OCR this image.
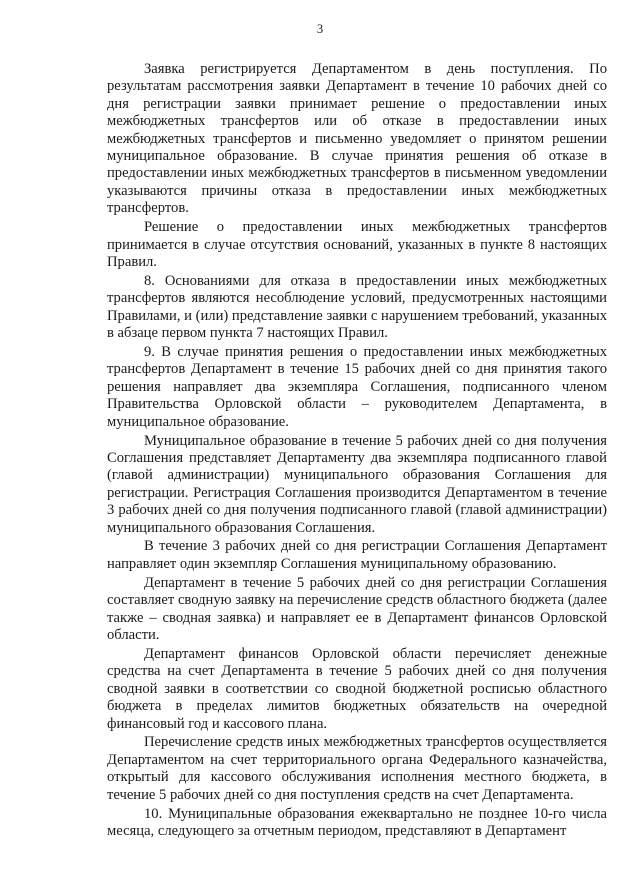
3

Заявка регистрируется Департаментом в день поступления. По результатам рассмотрения заявки Департамент в течение 10 рабочих дней со дня регистрации заявки принимает решение о предоставлении иных межбюджетных трансфертов или об отказе в предоставлении иных межбюджетных трансфертов и письменно уведомляет о принятом решении муниципальное образование. В случае принятия решения об отказе в предоставлении иных межбюджетных трансфертов в письменном уведомлении указываются причины отказа в предоставлении иных межбюджетных трансфертов.

Решение о предоставлении иных межбюджетных трансфертов принимается в случае отсутствия оснований, указанных в пункте 8 настоящих Правил.

8. Основаниями для отказа в предоставлении иных межбюджетных трансфертов являются несоблюдение условий, предусмотренных настоящими Правилами, и (или) представление заявки с нарушением требований, указанных в абзаце первом пункта 7 настоящих Правил.

9. В случае принятия решения о предоставлении иных межбюджетных трансфертов Департамент в течение 15 рабочих дней со дня принятия такого решения направляет два экземпляра Соглашения, подписанного членом Правительства Орловской области – руководителем Департамента, в муниципальное образование.

Муниципальное образование в течение 5 рабочих дней со дня получения Соглашения представляет Департаменту два экземпляра подписанного главой (главой администрации) муниципального образования Соглашения для регистрации. Регистрация Соглашения производится Департаментом в течение 3 рабочих дней со дня получения подписанного главой (главой администрации) муниципального образования Соглашения.

В течение 3 рабочих дней со дня регистрации Соглашения Департамент направляет один экземпляр Соглашения муниципальному образованию.

Департамент в течение 5 рабочих дней со дня регистрации Соглашения составляет сводную заявку на перечисление средств областного бюджета (далее также – сводная заявка) и направляет ее в Департамент финансов Орловской области.

Департамент финансов Орловской области перечисляет денежные средства на счет Департамента в течение 5 рабочих дней со дня получения сводной заявки в соответствии со сводной бюджетной росписью областного бюджета в пределах лимитов бюджетных обязательств на очередной финансовый год и кассового плана.

Перечисление средств иных межбюджетных трансфертов осуществляется Департаментом на счет территориального органа Федерального казначейства, открытый для кассового обслуживания исполнения местного бюджета, в течение 5 рабочих дней со дня поступления средств на счет Департамента.

10. Муниципальные образования ежеквартально не позднее 10-го числа месяца, следующего за отчетным периодом, представляют в Департамент
